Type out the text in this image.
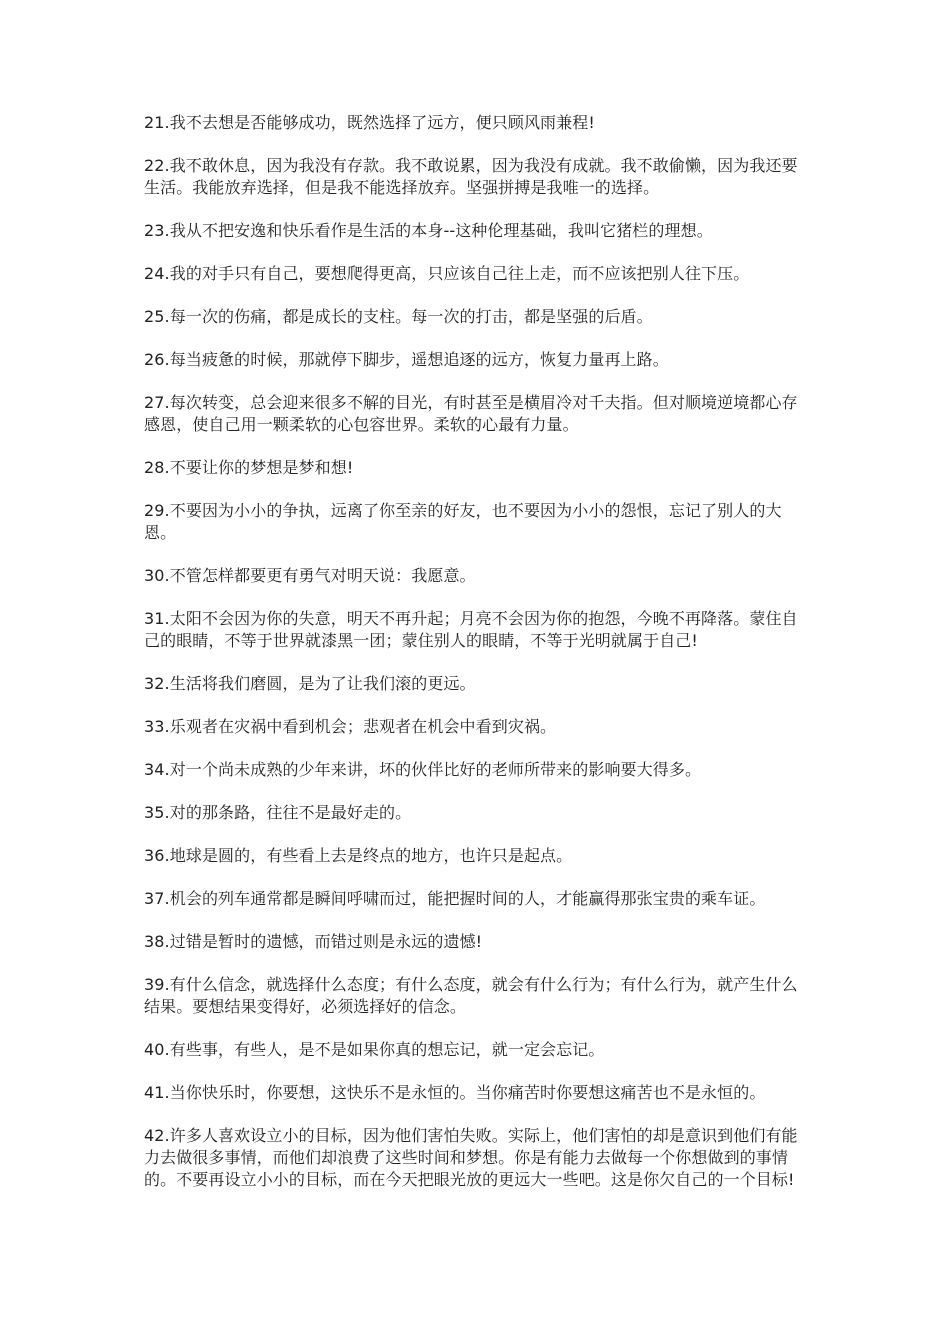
21.我不去想是否能够成功，既然选择了远方，便只顾风雨兼程!

22.我不敢休息，因为我没有存款。我不敢说累，因为我没有成就。我不敢偷懒，因为我还要生活。我能放弃选择，但是我不能选择放弃。坚强拼搏是我唯一的选择。

23.我从不把安逸和快乐看作是生活的本身--这种伦理基础，我叫它猪栏的理想。

24.我的对手只有自己，要想爬得更高，只应该自己往上走，而不应该把别人往下压。

25.每一次的伤痛，都是成长的支柱。每一次的打击，都是坚强的后盾。

26.每当疲惫的时候，那就停下脚步，遥想追逐的远方，恢复力量再上路。

27.每次转变，总会迎来很多不解的目光，有时甚至是横眉冷对千夫指。但对顺境逆境都心存感恩，使自己用一颗柔软的心包容世界。柔软的心最有力量。

28.不要让你的梦想是梦和想!

29.不要因为小小的争执，远离了你至亲的好友，也不要因为小小的怨恨，忘记了别人的大恩。

30.不管怎样都要更有勇气对明天说：我愿意。

31.太阳不会因为你的失意，明天不再升起；月亮不会因为你的抱怨，今晚不再降落。蒙住自己的眼睛，不等于世界就漆黑一团；蒙住别人的眼睛，不等于光明就属于自己!

32.生活将我们磨圆，是为了让我们滚的更远。

33.乐观者在灾祸中看到机会；悲观者在机会中看到灾祸。

34.对一个尚未成熟的少年来讲，坏的伙伴比好的老师所带来的影响要大得多。

35.对的那条路，往往不是最好走的。

36.地球是圆的，有些看上去是终点的地方，也许只是起点。

37.机会的列车通常都是瞬间呼啸而过，能把握时间的人，才能赢得那张宝贵的乘车证。

38.过错是暂时的遗憾，而错过则是永远的遗憾!

39.有什么信念，就选择什么态度；有什么态度，就会有什么行为；有什么行为，就产生什么结果。要想结果变得好，必须选择好的信念。

40.有些事，有些人，是不是如果你真的想忘记，就一定会忘记。

41.当你快乐时，你要想，这快乐不是永恒的。当你痛苦时你要想这痛苦也不是永恒的。

42.许多人喜欢设立小的目标，因为他们害怕失败。实际上，他们害怕的却是意识到他们有能力去做很多事情，而他们却浪费了这些时间和梦想。你是有能力去做每一个你想做到的事情的。不要再设立小小的目标，而在今天把眼光放的更远大一些吧。这是你欠自己的一个目标!
